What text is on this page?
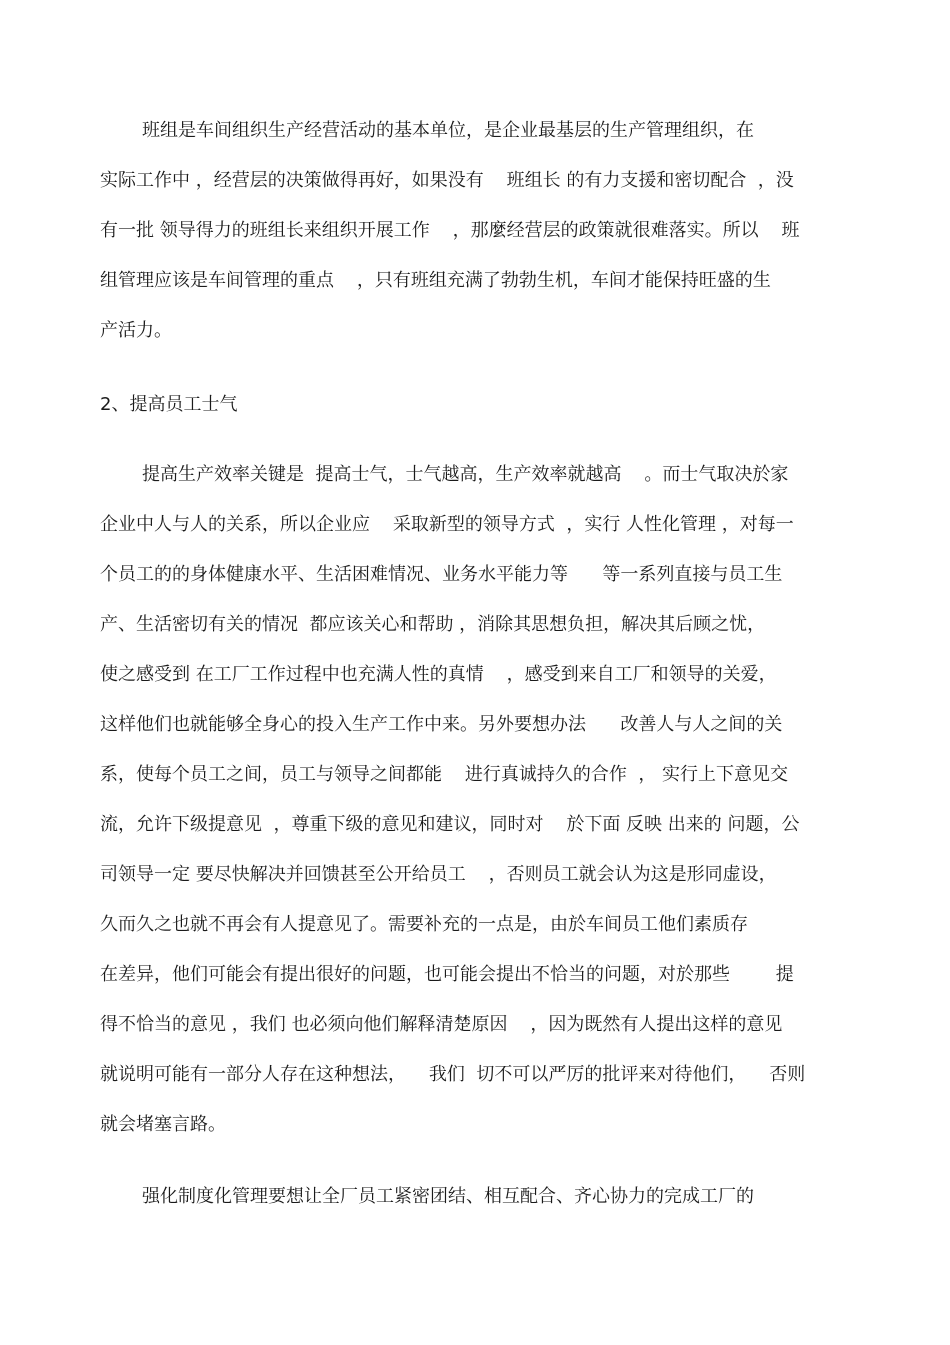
班组是车间组织生产经营活动的基本单位，是企业最基层的生产管理组织，在
实际工作中 ，经营层的决策做得再好，如果没有    班组长 的有力支援和密切配合  ，没
有一批 领导得力的班组长来组织开展工作    ，那麼经营层的政策就很难落实。所以    班
组管理应该是车间管理的重点    ，只有班组充满了勃勃生机，车间才能保持旺盛的生
产活力。
2、提高员工士气
提高生产效率关键是  提高士气，士气越高，生产效率就越高    。而士气取决於家
企业中人与人的关系，所以企业应    采取新型的领导方式  ，实行 人性化管理 ，对每一
个员工的的身体健康水平、生活困难情况、业务水平能力等      等一系列直接与员工生
产、生活密切有关的情况  都应该关心和帮助 ，消除其思想负担，解决其后顾之忧，
使之感受到 在工厂工作过程中也充满人性的真情    ，感受到来自工厂和领导的关爱，
这样他们也就能够全身心的投入生产工作中来。另外要想办法      改善人与人之间的关
系，使每个员工之间，员工与领导之间都能    进行真诚持久的合作  ， 实行上下意见交
流，允许下级提意见  ，尊重下级的意见和建议，同时对    於下面 反映 出来的 问题，公
司领导一定 要尽快解决并回馈甚至公开给员工    ，否则员工就会认为这是形同虚设，
久而久之也就不再会有人提意见了。需要补充的一点是，由於车间员工他们素质存
在差异，他们可能会有提出很好的问题，也可能会提出不恰当的问题，对於那些        提
得不恰当的意见 ，我们 也必须向他们解释清楚原因    ，因为既然有人提出这样的意见
就说明可能有一部分人存在这种想法，    我们  切不可以严厉的批评来对待他们，    否则
就会堵塞言路。
强化制度化管理要想让全厂员工紧密团结、相互配合、齐心协力的完成工厂的
